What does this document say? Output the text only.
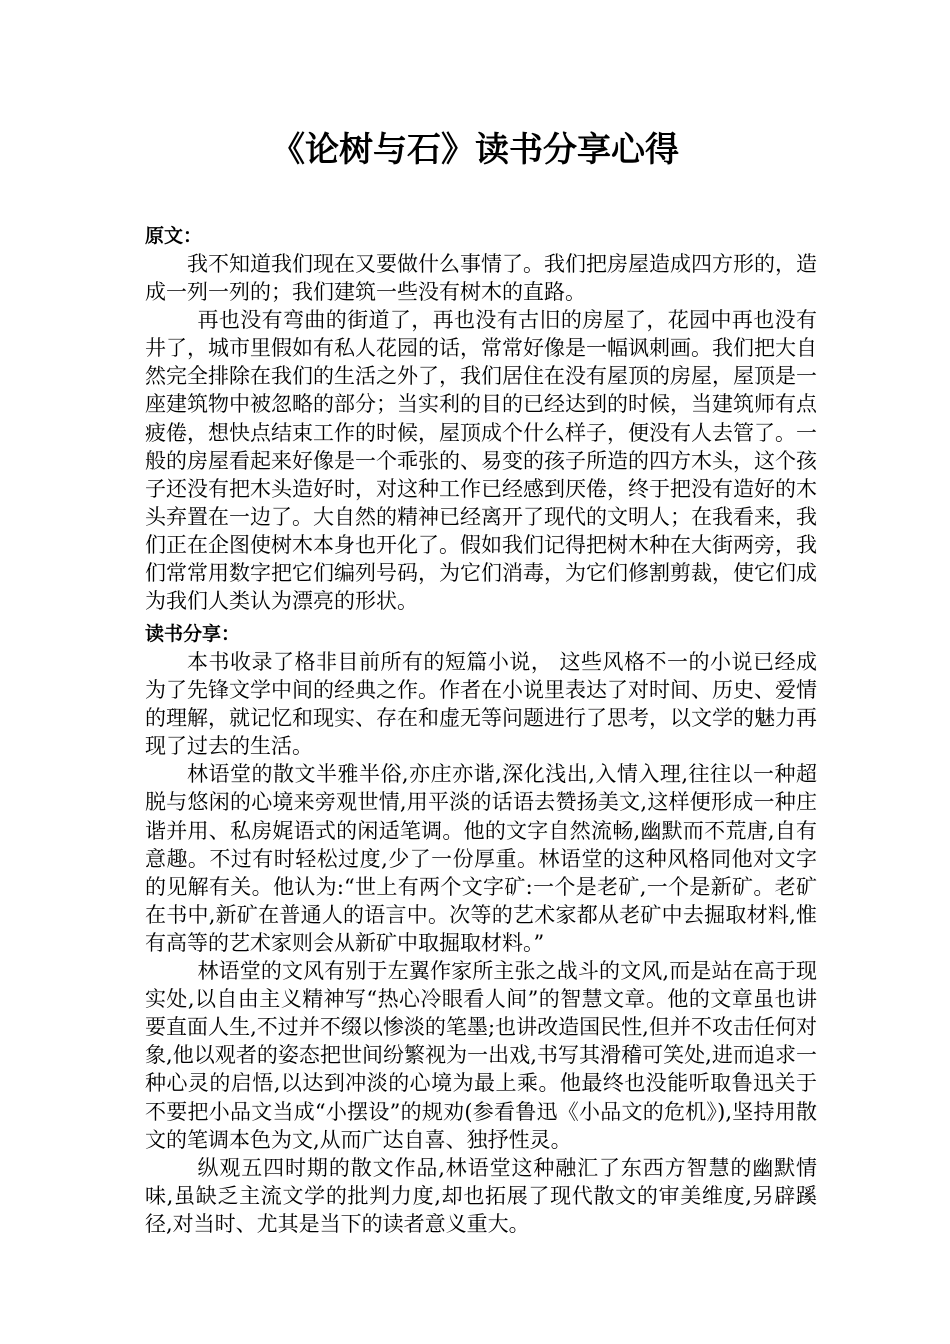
《论树与石》读书分享心得

原文：

我不知道我们现在又要做什么事情了。我们把房屋造成四方形的，造成一列一列的；我们建筑一些没有树木的直路。

再也没有弯曲的街道了，再也没有古旧的房屋了，花园中再也没有井了，城市里假如有私人花园的话，常常好像是一幅讽刺画。我们把大自然完全排除在我们的生活之外了，我们居住在没有屋顶的房屋，屋顶是一座建筑物中被忽略的部分；当实利的目的已经达到的时候，当建筑师有点疲倦，想快点结束工作的时候，屋顶成个什么样子，便没有人去管了。一般的房屋看起来好像是一个乖张的、易变的孩子所造的四方木头，这个孩子还没有把木头造好时，对这种工作已经感到厌倦，终于把没有造好的木头弃置在一边了。大自然的精神已经离开了现代的文明人；在我看来，我们正在企图使树木本身也开化了。假如我们记得把树木种在大街两旁，我们常常用数字把它们编列号码，为它们消毒，为它们修割剪裁，使它们成为我们人类认为漂亮的形状。

读书分享：

本书收录了格非目前所有的短篇小说， 这些风格不一的小说已经成为了先锋文学中间的经典之作。作者在小说里表达了对时间、历史、爱情的理解，就记忆和现实、存在和虚无等问题进行了思考，以文学的魅力再现了过去的生活。

林语堂的散文半雅半俗,亦庄亦谐,深化浅出,入情入理,往往以一种超脱与悠闲的心境来旁观世情,用平淡的话语去赞扬美文,这样便形成一种庄谐并用、私房娓语式的闲适笔调。他的文字自然流畅,幽默而不荒唐,自有意趣。不过有时轻松过度,少了一份厚重。林语堂的这种风格同他对文字的见解有关。他认为:“世上有两个文字矿:一个是老矿,一个是新矿。老矿在书中,新矿在普通人的语言中。次等的艺术家都从老矿中去掘取材料,惟有高等的艺术家则会从新矿中取掘取材料。”

林语堂的文风有别于左翼作家所主张之战斗的文风,而是站在高于现实处,以自由主义精神写“热心冷眼看人间”的智慧文章。他的文章虽也讲要直面人生,不过并不缀以惨淡的笔墨;也讲改造国民性,但并不攻击任何对象,他以观者的姿态把世间纷繁视为一出戏,书写其滑稽可笑处,进而追求一种心灵的启悟,以达到冲淡的心境为最上乘。他最终也没能听取鲁迅关于不要把小品文当成“小摆设”的规劝(参看鲁迅《小品文的危机》),坚持用散文的笔调本色为文,从而广达自喜、独抒性灵。

纵观五四时期的散文作品,林语堂这种融汇了东西方智慧的幽默情味,虽缺乏主流文学的批判力度,却也拓展了现代散文的审美维度,另辟蹊径,对当时、尤其是当下的读者意义重大。
